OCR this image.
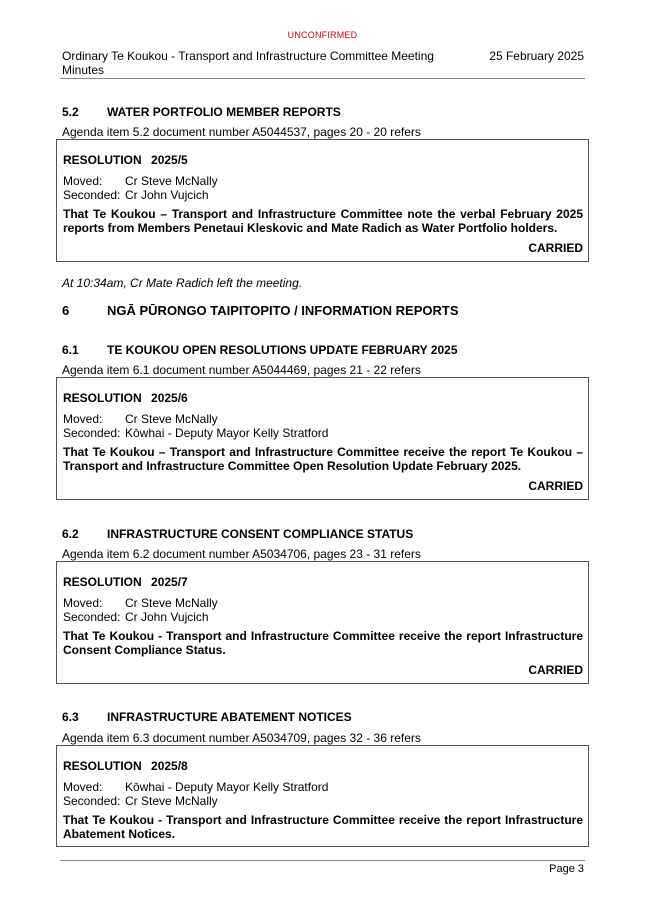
UNCONFIRMED
Ordinary Te Koukou - Transport and Infrastructure Committee Meeting Minutes
25 February 2025
5.2 WATER PORTFOLIO MEMBER REPORTS
Agenda item 5.2 document number A5044537, pages 20 - 20 refers
RESOLUTION 2025/5
Moved: Cr Steve McNally
Seconded: Cr John Vujcich
That Te Koukou – Transport and Infrastructure Committee note the verbal February 2025 reports from Members Penetaui Kleskovic and Mate Radich as Water Portfolio holders.
CARRIED
At 10:34am, Cr Mate Radich left the meeting.
6	NGĀ PŪRONGO TAIPITOPITO / INFORMATION REPORTS
6.1 TE KOUKOU OPEN RESOLUTIONS UPDATE FEBRUARY 2025
Agenda item 6.1 document number A5044469, pages 21 - 22 refers
RESOLUTION 2025/6
Moved: Cr Steve McNally
Seconded: Kōwhai - Deputy Mayor Kelly Stratford
That Te Koukou – Transport and Infrastructure Committee receive the report Te Koukou – Transport and Infrastructure Committee Open Resolution Update February 2025.
CARRIED
6.2 INFRASTRUCTURE CONSENT COMPLIANCE STATUS
Agenda item 6.2 document number A5034706, pages 23 - 31 refers
RESOLUTION 2025/7
Moved: Cr Steve McNally
Seconded: Cr John Vujcich
That Te Koukou - Transport and Infrastructure Committee receive the report Infrastructure Consent Compliance Status.
CARRIED
6.3 INFRASTRUCTURE ABATEMENT NOTICES
Agenda item 6.3 document number A5034709, pages 32 - 36 refers
RESOLUTION 2025/8
Moved: Kōwhai - Deputy Mayor Kelly Stratford
Seconded: Cr Steve McNally
That Te Koukou - Transport and Infrastructure Committee receive the report Infrastructure Abatement Notices.
Page 3
